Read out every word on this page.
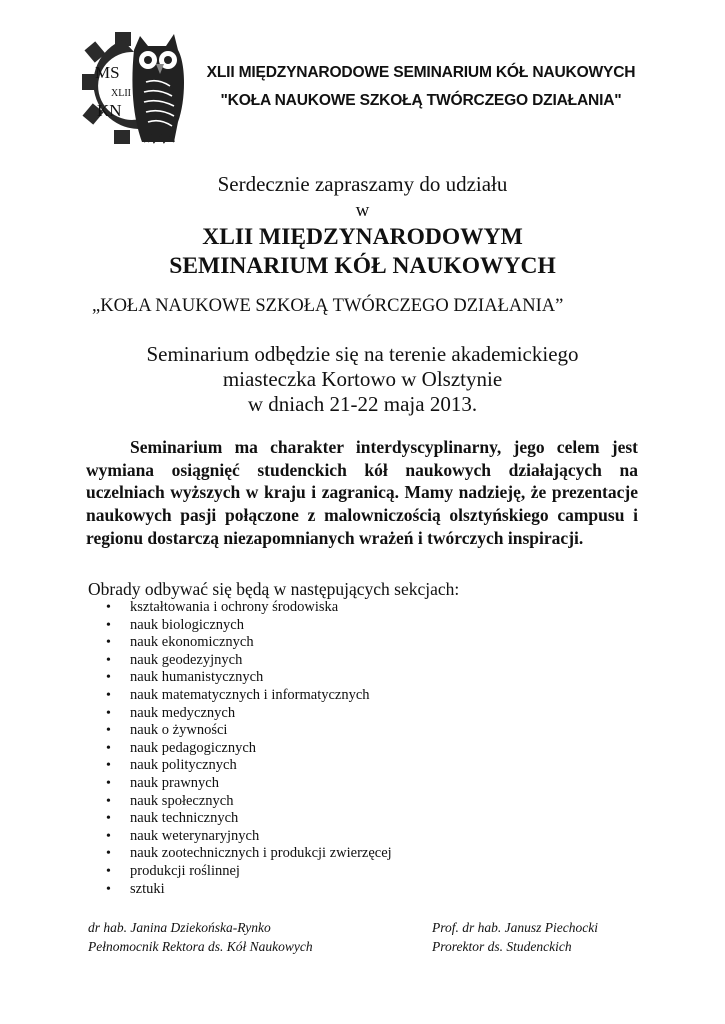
MS
XLII
KN
XLII MIĘDZYNARODOWE SEMINARIUM KÓŁ NAUKOWYCH
"KOŁA NAUKOWE SZKOŁĄ TWÓRCZEGO DZIAŁANIA"
Serdecznie zapraszamy do udziału
w
XLII MIĘDZYNARODOWYM
SEMINARIUM KÓŁ NAUKOWYCH
„KOŁA NAUKOWE SZKOŁĄ TWÓRCZEGO DZIAŁANIA”
Seminarium odbędzie się na terenie akademickiego
miasteczka Kortowo w Olsztynie
w dniach 21-22 maja 2013.

Seminarium ma charakter interdyscyplinarny, jego celem jest wymiana osiągnięć studenckich kół naukowych działających na uczelniach wyższych w kraju i zagranicą. Mamy nadzieję, że prezentacje naukowych pasji połączone z malowniczością olsztyńskiego campusu i regionu dostarczą niezapomnianych wrażeń i twórczych inspiracji.

Obrady odbywać się będą w następujących sekcjach:
• kształtowania i ochrony środowiska
• nauk biologicznych
• nauk ekonomicznych
• nauk geodezyjnych
• nauk humanistycznych
• nauk matematycznych i informatycznych
• nauk medycznych
• nauk o żywności
• nauk pedagogicznych
• nauk politycznych
• nauk prawnych
• nauk społecznych
• nauk technicznych
• nauk weterynaryjnych
• nauk zootechnicznych i produkcji zwierzęcej
• produkcji roślinnej
• sztuki
dr hab. Janina Dziekońska-Rynko
Pełnomocnik Rektora ds. Kół Naukowych
Prof. dr hab. Janusz Piechocki
Prorektor ds. Studenckich
